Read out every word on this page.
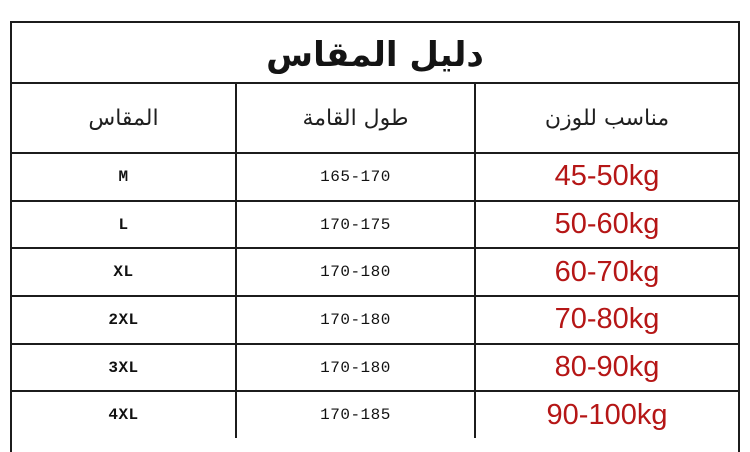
دليل المقاس
المقاس	طول القامة	مناسب للوزن
M	165-170	45-50kg
L	170-175	50-60kg
XL	170-180	60-70kg
2XL	170-180	70-80kg
3XL	170-180	80-90kg
4XL	170-185	90-100kg
